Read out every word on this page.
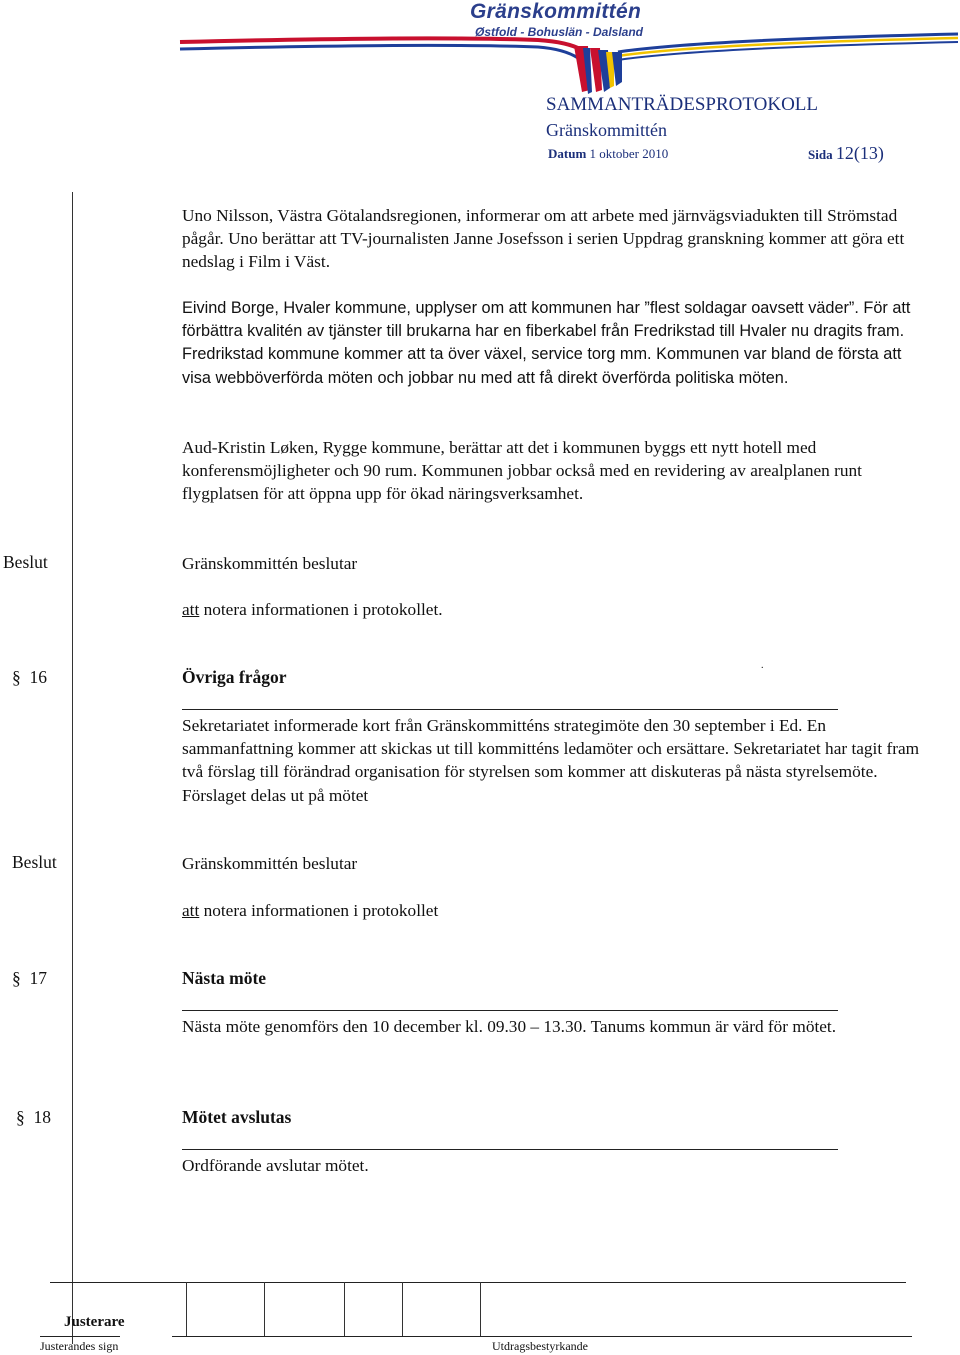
Gränskommittén
Østfold - Bohuslän - Dalsland
SAMMANTRÄDESPROTOKOLL
Gränskommittén
Datum 1 oktober 2010	Sida 12(13)
Uno Nilsson, Västra Götalandsregionen, informerar om att arbete med järnvägsviadukten till Strömstad pågår. Uno berättar att TV-journalisten Janne Josefsson i serien Uppdrag granskning kommer att göra ett nedslag i Film i Väst.
Eivind Borge, Hvaler kommune, upplyser om att kommunen har ”flest soldagar oavsett väder”. För att förbättra kvalitén av tjänster till brukarna har en fiberkabel från Fredrikstad till Hvaler nu dragits fram. Fredrikstad kommune kommer att ta över växel, service torg mm. Kommunen var bland de första att visa webböverförda möten och jobbar nu med att få direkt överförda politiska möten.
Aud-Kristin Løken, Rygge kommune, berättar att det i kommunen byggs ett nytt hotell med konferensmöjligheter och 90 rum. Kommunen jobbar också med en revidering av arealplanen runt flygplatsen för att öppna upp för ökad näringsverksamhet.
Beslut	Gränskommittén beslutar
att notera informationen i protokollet.
§ 16	Övriga frågor
.
Sekretariatet informerade kort från Gränskommitténs strategimöte den 30 september i Ed. En sammanfattning kommer att skickas ut till kommitténs ledamöter och ersättare. Sekretariatet har tagit fram två förslag till förändrad organisation för styrelsen som kommer att diskuteras på nästa styrelsemöte. Förslaget delas ut på mötet
Beslut	Gränskommittén beslutar
att notera informationen i protokollet
§ 17	Nästa möte
Nästa möte genomförs den 10 december kl. 09.30 – 13.30. Tanums kommun är värd för mötet.
§ 18	Mötet avslutas
Ordförande avslutar mötet.
Justerare
Justerandes sign	Utdragsbestyrkande
